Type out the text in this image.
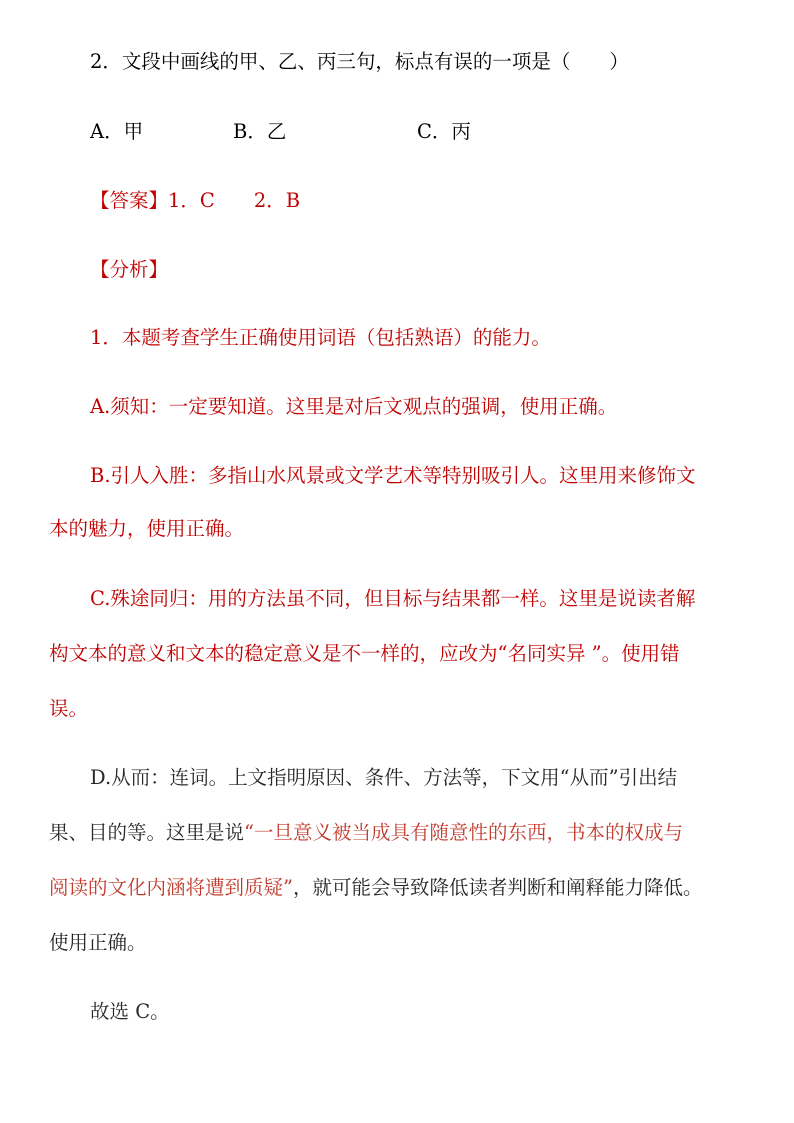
2．文段中画线的甲、乙、丙三句，标点有误的一项是（　　）

A．甲	B．乙	C．丙

【答案】1．C　　2．B

【分析】

1．本题考查学生正确使用词语（包括熟语）的能力。

A.须知：一定要知道。这里是对后文观点的强调，使用正确。

B.引人入胜：多指山水风景或文学艺术等特别吸引人。这里用来修饰文

本的魅力，使用正确。

C.殊途同归：用的方法虽不同，但目标与结果都一样。这里是说读者解

构文本的意义和文本的稳定意义是不一样的，应改为“名同实异 ”。使用错

误。

D.从而：连词。上文指明原因、条件、方法等，下文用“从而”引出结

果、目的等。这里是说“一旦意义被当成具有随意性的东西，书本的权成与

阅读的文化内涵将遭到质疑”，就可能会导致降低读者判断和阐释能力降低。

使用正确。

故选 C。
